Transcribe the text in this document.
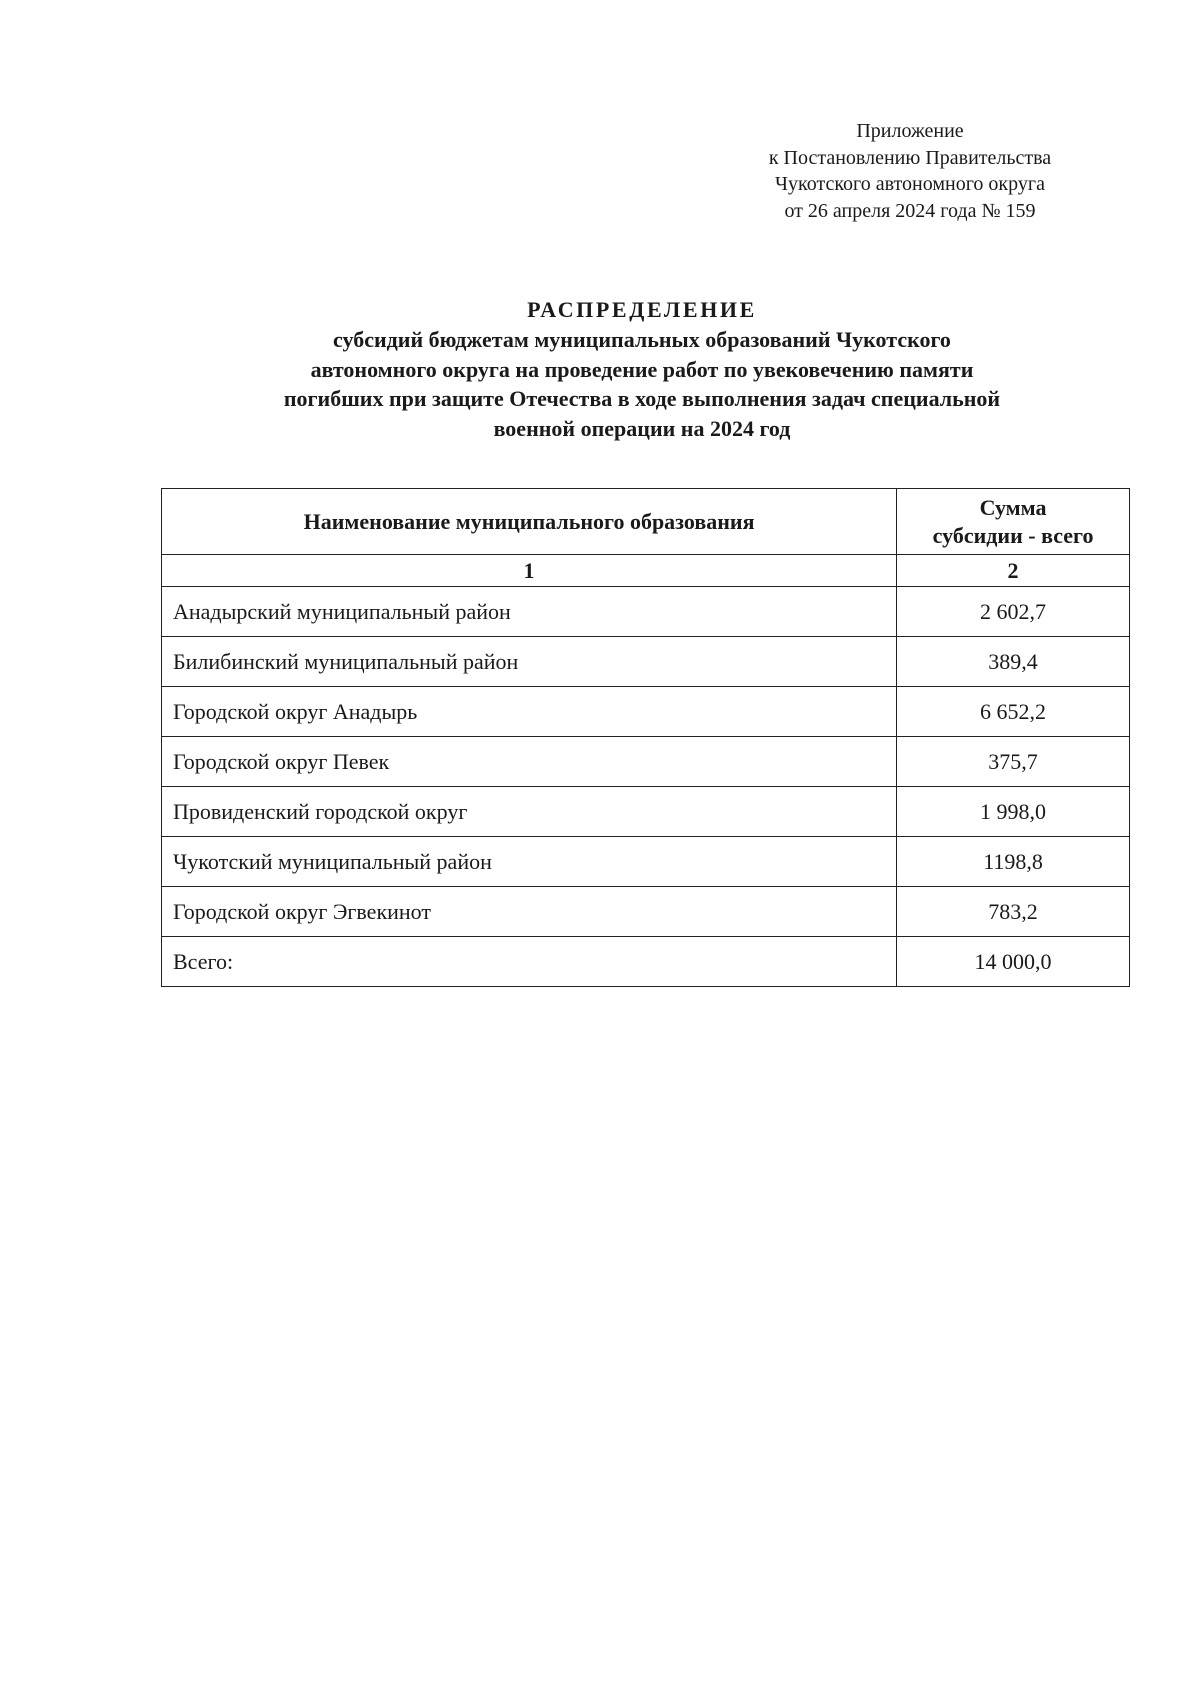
Приложение
к Постановлению Правительства
Чукотского автономного округа
от 26 апреля 2024 года № 159
РАСПРЕДЕЛЕНИЕ
субсидий бюджетам муниципальных образований Чукотского
автономного округа на проведение работ по увековечению памяти
погибших при защите Отечества в ходе выполнения задач специальной
военной операции на 2024 год
Наименование муниципального образования	Сумма
субсидии - всего

1	2
Анадырский муниципальный район	2 602,7
Билибинский муниципальный район	389,4
Городской округ Анадырь	6 652,2
Городской округ Певек	375,7
Провиденский городской округ	1 998,0
Чукотский муниципальный район	1198,8
Городской округ Эгвекинот	783,2
Всего:	14 000,0
